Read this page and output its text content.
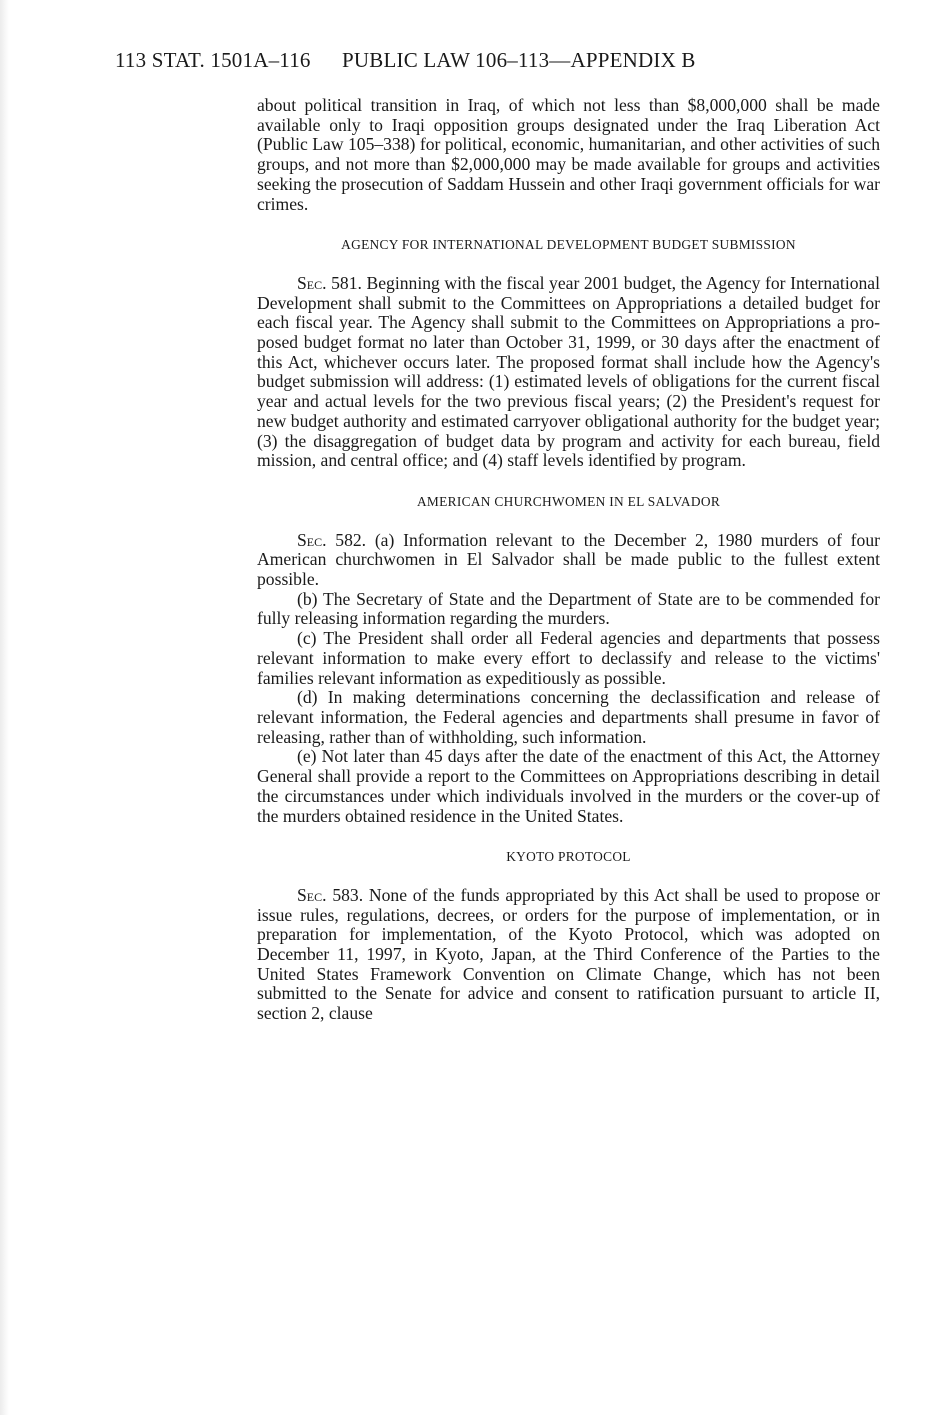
113 STAT. 1501A–116 PUBLIC LAW 106–113—APPENDIX B

about political transition in Iraq, of which not less than $8,000,000 shall be made available only to Iraqi opposition groups designated under the Iraq Liberation Act (Public Law 105–338) for political, economic, humanitarian, and other activities of such groups, and not more than $2,000,000 may be made available for groups and activities seeking the prosecution of Saddam Hussein and other Iraqi government officials for war crimes.

AGENCY FOR INTERNATIONAL DEVELOPMENT BUDGET SUBMISSION

Sec. 581. Beginning with the fiscal year 2001 budget, the Agency for International Development shall submit to the Committees on Appropriations a detailed budget for each fiscal year. The Agency shall submit to the Committees on Appropriations a proposed budget format no later than October 31, 1999, or 30 days after the enactment of this Act, whichever occurs later. The proposed format shall include how the Agency's budget submission will address: (1) estimated levels of obligations for the current fiscal year and actual levels for the two previous fiscal years; (2) the President's request for new budget authority and estimated carryover obligational authority for the budget year; (3) the disaggregation of budget data by program and activity for each bureau, field mission, and central office; and (4) staff levels identified by program.

AMERICAN CHURCHWOMEN IN EL SALVADOR

Sec. 582. (a) Information relevant to the December 2, 1980 murders of four American churchwomen in El Salvador shall be made public to the fullest extent possible.

(b) The Secretary of State and the Department of State are to be commended for fully releasing information regarding the murders.

(c) The President shall order all Federal agencies and departments that possess relevant information to make every effort to declassify and release to the victims' families relevant information as expeditiously as possible.

(d) In making determinations concerning the declassification and release of relevant information, the Federal agencies and departments shall presume in favor of releasing, rather than of withholding, such information.

(e) Not later than 45 days after the date of the enactment of this Act, the Attorney General shall provide a report to the Committees on Appropriations describing in detail the circumstances under which individuals involved in the murders or the cover-up of the murders obtained residence in the United States.

KYOTO PROTOCOL

Sec. 583. None of the funds appropriated by this Act shall be used to propose or issue rules, regulations, decrees, or orders for the purpose of implementation, or in preparation for implementation, of the Kyoto Protocol, which was adopted on December 11, 1997, in Kyoto, Japan, at the Third Conference of the Parties to the United States Framework Convention on Climate Change, which has not been submitted to the Senate for advice and consent to ratification pursuant to article II, section 2, clause
